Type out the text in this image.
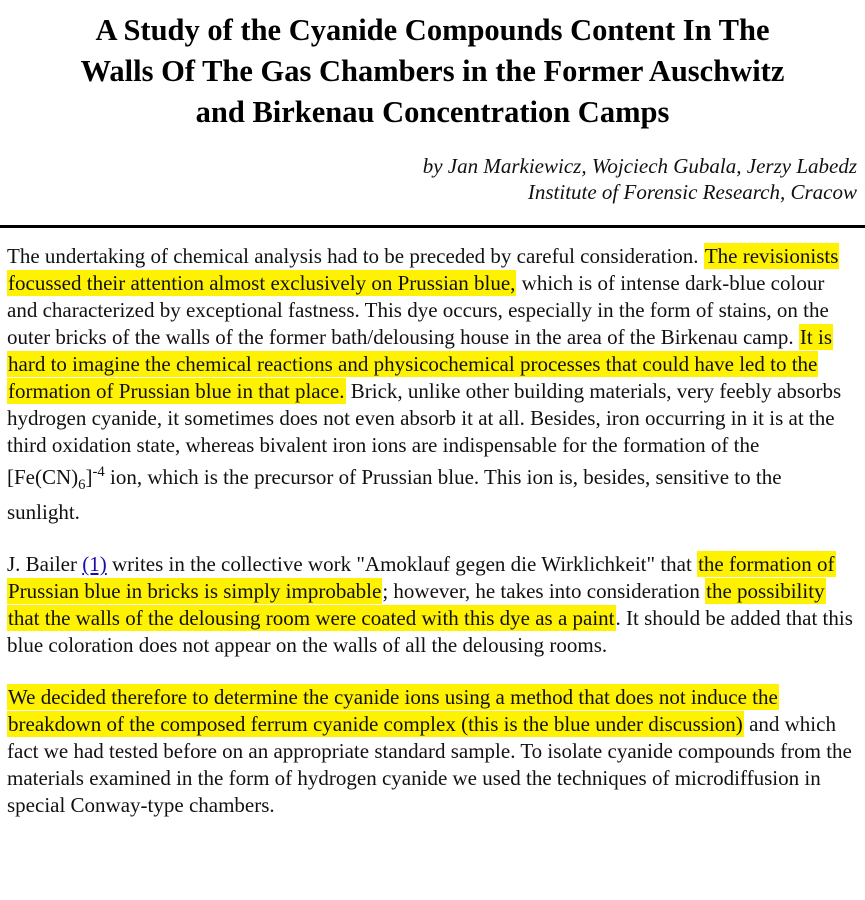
A Study of the Cyanide Compounds Content In The
Walls Of The Gas Chambers in the Former Auschwitz
and Birkenau Concentration Camps
by Jan Markiewicz, Wojciech Gubala, Jerzy Labedz
Institute of Forensic Research, Cracow

The undertaking of chemical analysis had to be preceded by careful consideration. The revisionists focussed their attention almost exclusively on Prussian blue, which is of intense dark-blue colour and characterized by exceptional fastness. This dye occurs, especially in the form of stains, on the outer bricks of the walls of the former bath/delousing house in the area of the Birkenau camp. It is hard to imagine the chemical reactions and physicochemical processes that could have led to the formation of Prussian blue in that place. Brick, unlike other building materials, very feebly absorbs hydrogen cyanide, it sometimes does not even absorb it at all. Besides, iron occurring in it is at the third oxidation state, whereas bivalent iron ions are indispensable for the formation of the $[Fe(CN)_6]^{-4}$ ion, which is the precursor of Prussian blue. This ion is, besides, sensitive to the sunlight.

J. Bailer (1) writes in the collective work "Amoklauf gegen die Wirklichkeit" that the formation of Prussian blue in bricks is simply improbable; however, he takes into consideration the possibility that the walls of the delousing room were coated with this dye as a paint. It should be added that this blue coloration does not appear on the walls of all the delousing rooms.

We decided therefore to determine the cyanide ions using a method that does not induce the breakdown of the composed ferrum cyanide complex (this is the blue under discussion) and which fact we had tested before on an appropriate standard sample. To isolate cyanide compounds from the materials examined in the form of hydrogen cyanide we used the techniques of microdiffusion in special Conway-type chambers.
